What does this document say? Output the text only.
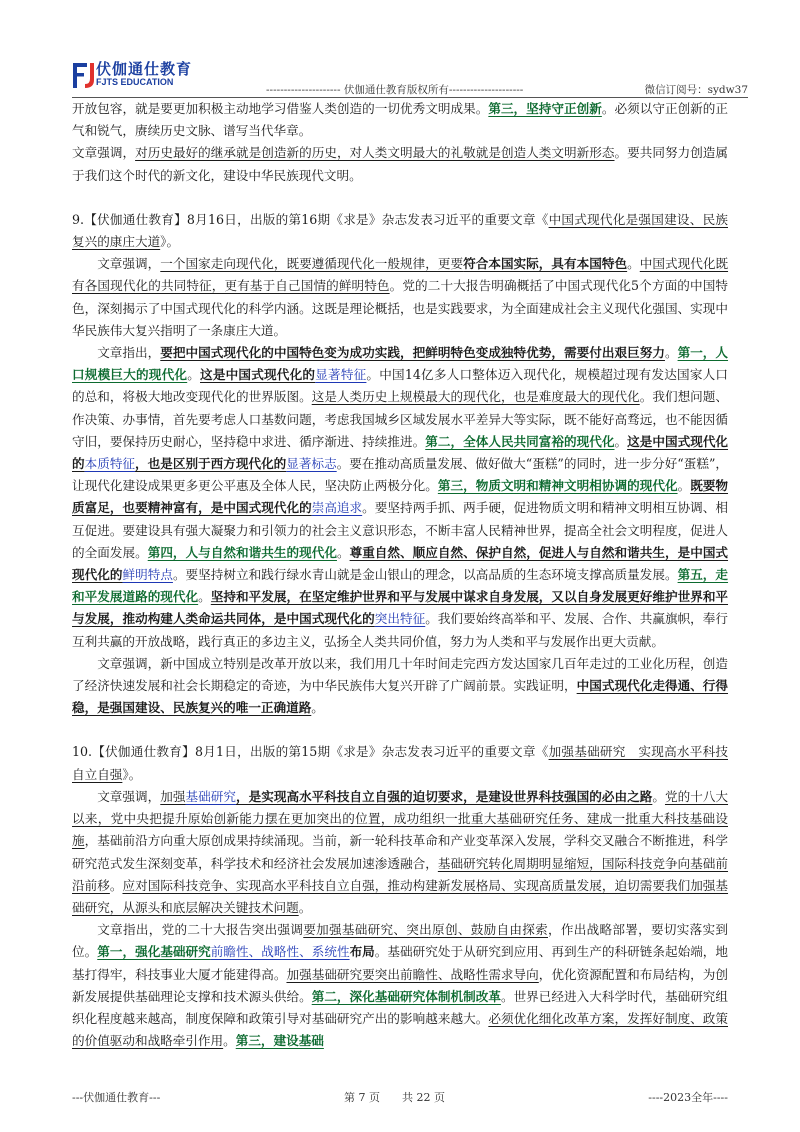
伏伽通仕教育
FJTS EDUCATION
--------------------- 伏伽通仕教育版权所有---------------------	微信订阅号：sydw37

开放包容，就是要更加积极主动地学习借鉴人类创造的一切优秀文明成果。第三，坚持守正创新。必须以守正创新的正气和锐气，赓续历史文脉、谱写当代华章。

文章强调，对历史最好的继承就是创造新的历史，对人类文明最大的礼敬就是创造人类文明新形态。要共同努力创造属于我们这个时代的新文化，建设中华民族现代文明。

9.【伏伽通仕教育】8月16日，出版的第16期《求是》杂志发表习近平的重要文章《中国式现代化是强国建设、民族复兴的康庄大道》。

文章强调，一个国家走向现代化，既要遵循现代化一般规律，更要符合本国实际，具有本国特色。中国式现代化既有各国现代化的共同特征，更有基于自己国情的鲜明特色。党的二十大报告明确概括了中国式现代化5个方面的中国特色，深刻揭示了中国式现代化的科学内涵。这既是理论概括，也是实践要求，为全面建成社会主义现代化强国、实现中华民族伟大复兴指明了一条康庄大道。

文章指出，要把中国式现代化的中国特色变为成功实践，把鲜明特色变成独特优势，需要付出艰巨努力。第一，人口规模巨大的现代化。这是中国式现代化的显著特征。中国14亿多人口整体迈入现代化，规模超过现有发达国家人口的总和，将极大地改变现代化的世界版图。这是人类历史上规模最大的现代化，也是难度最大的现代化。我们想问题、作决策、办事情，首先要考虑人口基数问题，考虑我国城乡区域发展水平差异大等实际，既不能好高骛远，也不能因循守旧，要保持历史耐心，坚持稳中求进、循序渐进、持续推进。第二，全体人民共同富裕的现代化。这是中国式现代化的本质特征，也是区别于西方现代化的显著标志。要在推动高质量发展、做好做大“蛋糕”的同时，进一步分好“蛋糕”，让现代化建设成果更多更公平惠及全体人民，坚决防止两极分化。第三，物质文明和精神文明相协调的现代化。既要物质富足，也要精神富有，是中国式现代化的崇高追求。要坚持两手抓、两手硬，促进物质文明和精神文明相互协调、相互促进。要建设具有强大凝聚力和引领力的社会主义意识形态，不断丰富人民精神世界，提高全社会文明程度，促进人的全面发展。第四，人与自然和谐共生的现代化。尊重自然、顺应自然、保护自然，促进人与自然和谐共生，是中国式现代化的鲜明特点。要坚持树立和践行绿水青山就是金山银山的理念，以高品质的生态环境支撑高质量发展。第五，走和平发展道路的现代化。坚持和平发展，在坚定维护世界和平与发展中谋求自身发展，又以自身发展更好维护世界和平与发展，推动构建人类命运共同体，是中国式现代化的突出特征。我们要始终高举和平、发展、合作、共赢旗帜，奉行互利共赢的开放战略，践行真正的多边主义，弘扬全人类共同价值，努力为人类和平与发展作出更大贡献。

文章强调，新中国成立特别是改革开放以来，我们用几十年时间走完西方发达国家几百年走过的工业化历程，创造了经济快速发展和社会长期稳定的奇迹，为中华民族伟大复兴开辟了广阔前景。实践证明，中国式现代化走得通、行得稳，是强国建设、民族复兴的唯一正确道路。

10.【伏伽通仕教育】8月1日，出版的第15期《求是》杂志发表习近平的重要文章《加强基础研究　实现高水平科技自立自强》。

文章强调，加强基础研究，是实现高水平科技自立自强的迫切要求，是建设世界科技强国的必由之路。党的十八大以来，党中央把提升原始创新能力摆在更加突出的位置，成功组织一批重大基础研究任务、建成一批重大科技基础设施，基础前沿方向重大原创成果持续涌现。当前，新一轮科技革命和产业变革深入发展，学科交叉融合不断推进，科学研究范式发生深刻变革，科学技术和经济社会发展加速渗透融合，基础研究转化周期明显缩短，国际科技竞争向基础前沿前移。应对国际科技竞争、实现高水平科技自立自强，推动构建新发展格局、实现高质量发展，迫切需要我们加强基础研究，从源头和底层解决关键技术问题。

文章指出，党的二十大报告突出强调要加强基础研究、突出原创、鼓励自由探索，作出战略部署，要切实落实到位。第一，强化基础研究前瞻性、战略性、系统性布局。基础研究处于从研究到应用、再到生产的科研链条起始端，地基打得牢，科技事业大厦才能建得高。加强基础研究要突出前瞻性、战略性需求导向，优化资源配置和布局结构，为创新发展提供基础理论支撑和技术源头供给。第二，深化基础研究体制机制改革。世界已经进入大科学时代，基础研究组织化程度越来越高，制度保障和政策引导对基础研究产出的影响越来越大。必须优化细化改革方案，发挥好制度、政策的价值驱动和战略牵引作用。第三，建设基础

---伏伽通仕教育---	第 7 页　　共 22 页	----2023全年----
